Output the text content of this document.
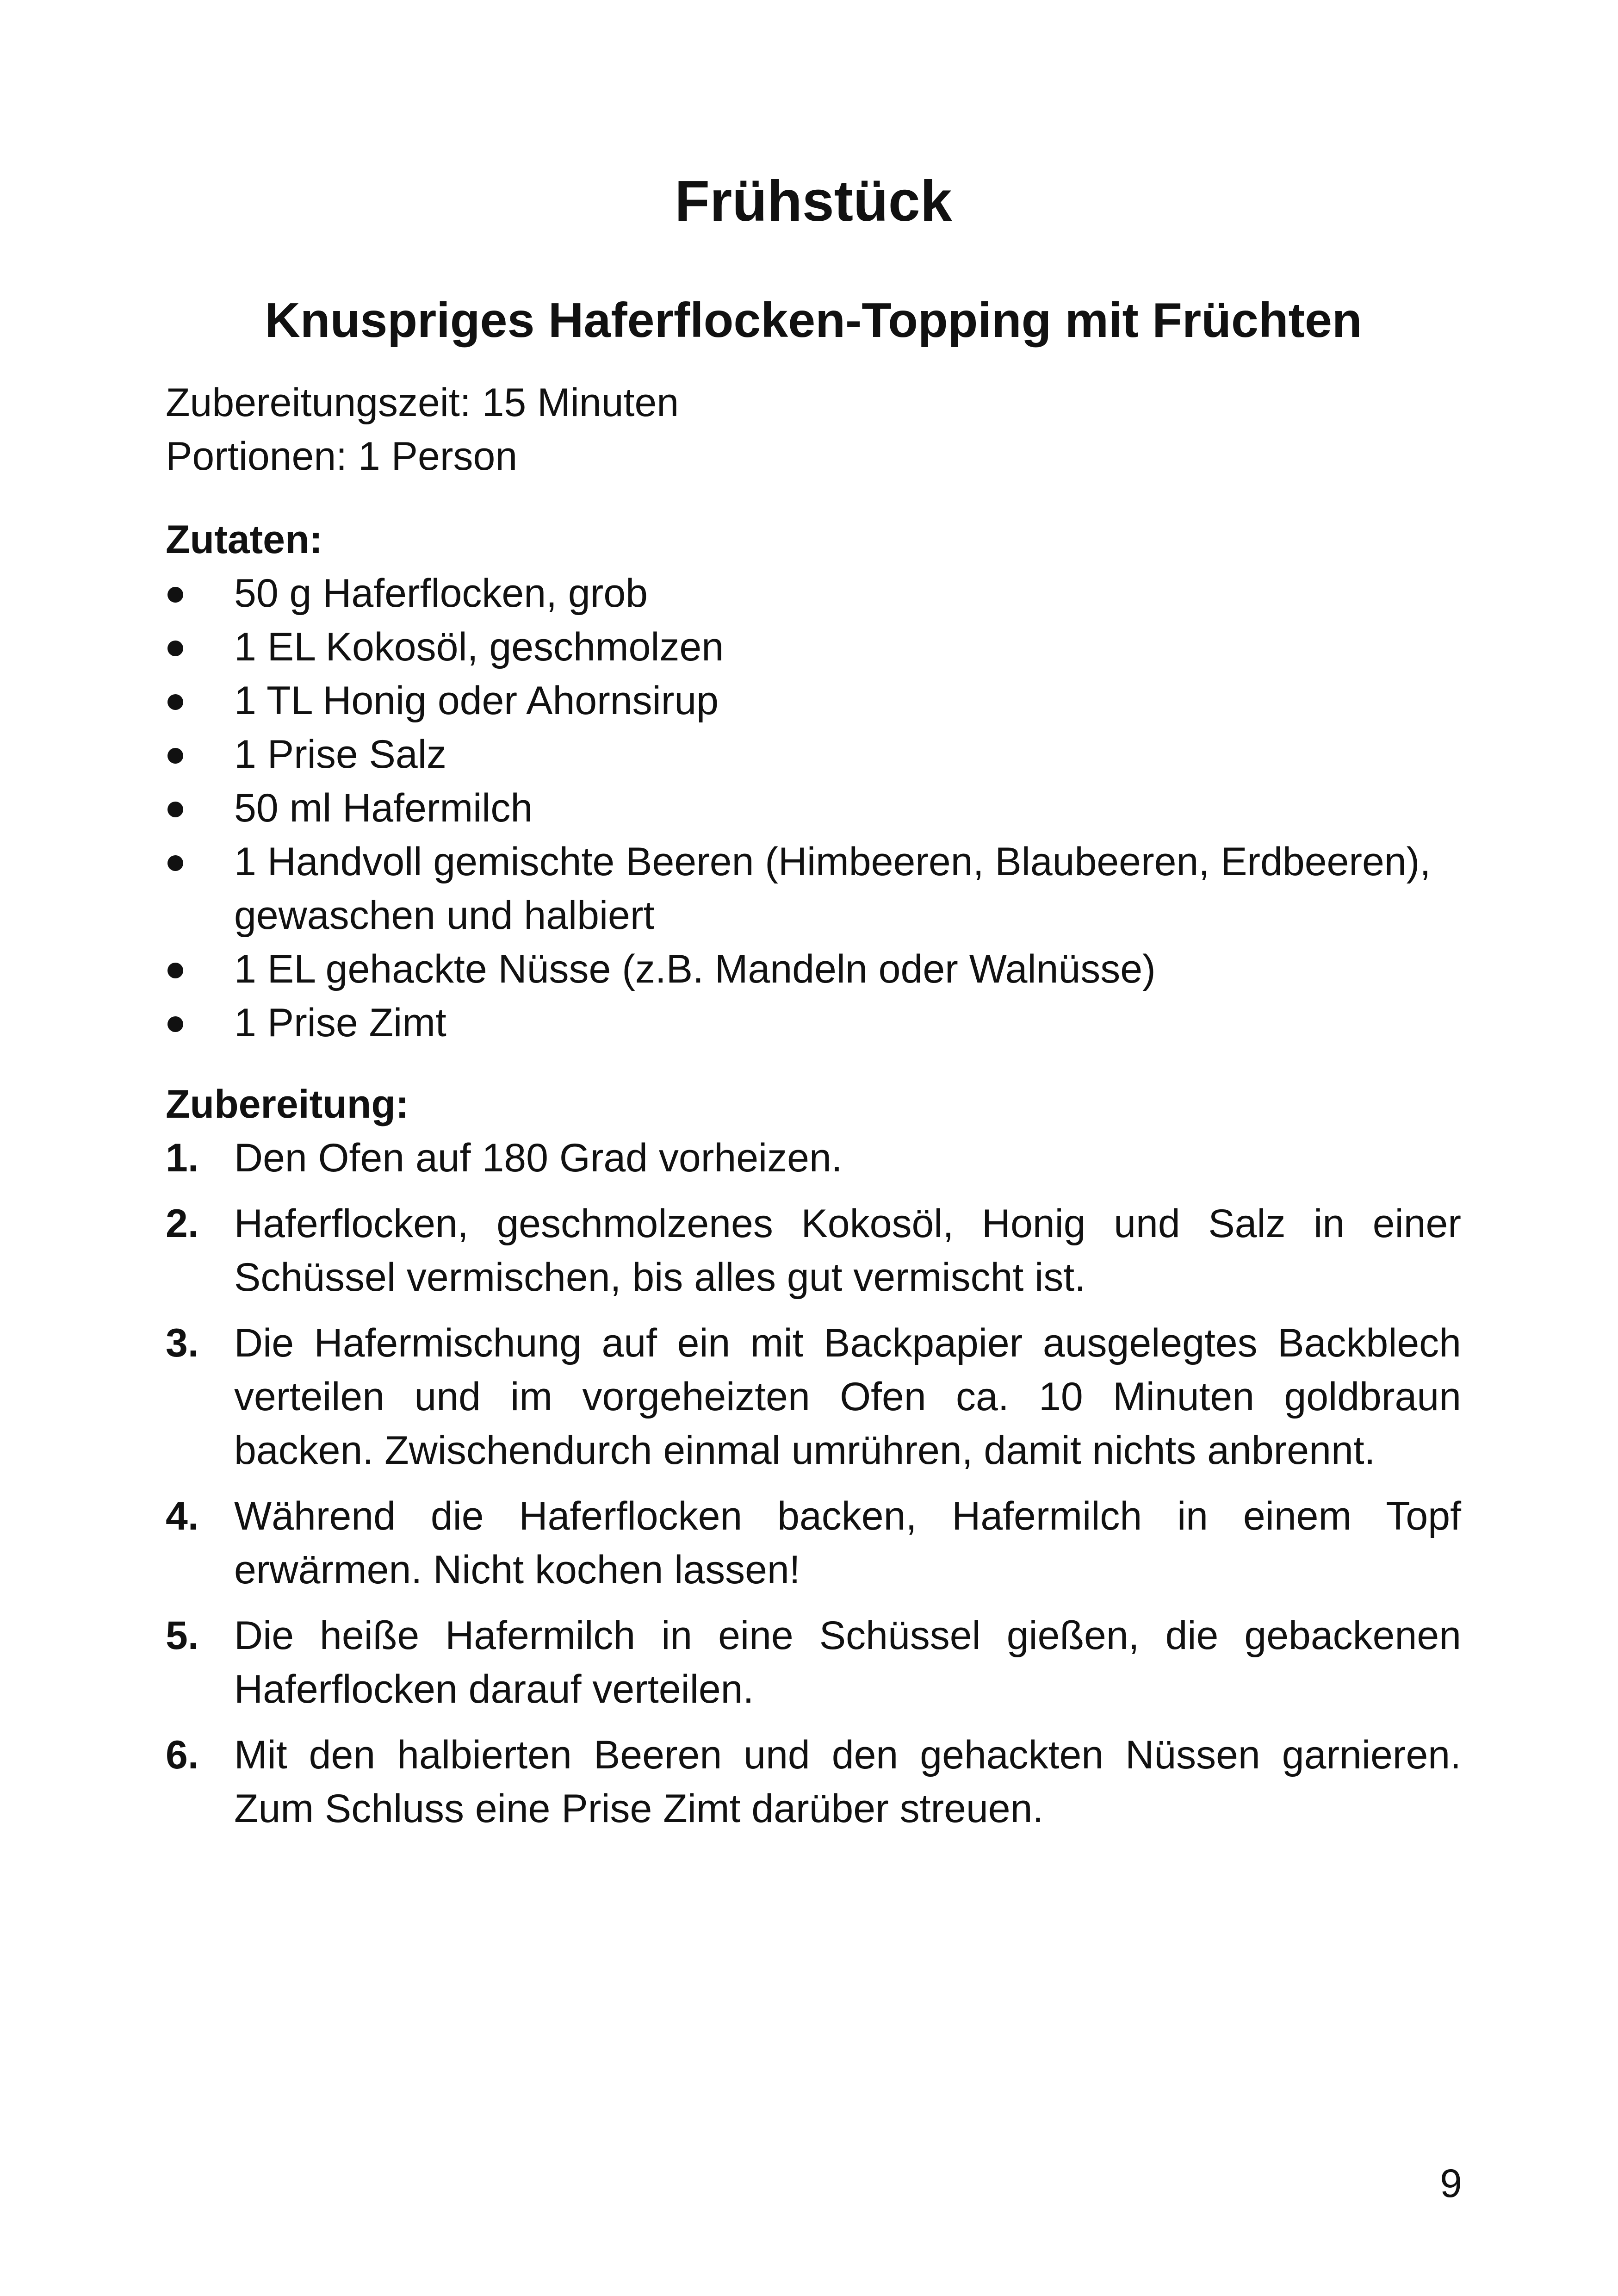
Frühstück
Knuspriges Haferflocken-Topping mit Früchten
Zubereitungszeit: 15 Minuten
Portionen: 1 Person
Zutaten:
50 g Haferflocken, grob
1 EL Kokosöl, geschmolzen
1 TL Honig oder Ahornsirup
1 Prise Salz
50 ml Hafermilch
1 Handvoll gemischte Beeren (Himbeeren, Blaubeeren, Erdbeeren), gewaschen und halbiert
1 EL gehackte Nüsse (z.B. Mandeln oder Walnüsse)
1 Prise Zimt
Zubereitung:
1. Den Ofen auf 180 Grad vorheizen.
2. Haferflocken, geschmolzenes Kokosöl, Honig und Salz in einer Schüssel vermischen, bis alles gut vermischt ist.
3. Die Hafermischung auf ein mit Backpapier ausgelegtes Backblech verteilen und im vorgeheizten Ofen ca. 10 Minuten goldbraun backen. Zwischendurch einmal umrühren, damit nichts anbrennt.
4. Während die Haferflocken backen, Hafermilch in einem Topf erwärmen. Nicht kochen lassen!
5. Die heiße Hafermilch in eine Schüssel gießen, die gebackenen Haferflocken darauf verteilen.
6. Mit den halbierten Beeren und den gehackten Nüssen garnieren. Zum Schluss eine Prise Zimt darüber streuen.
9
